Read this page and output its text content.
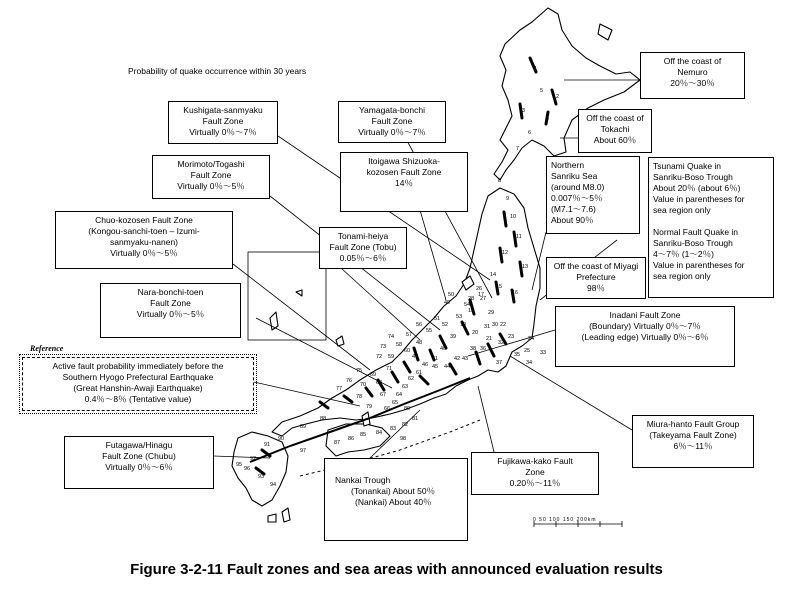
1
2
3
4
5
6
7
8
9
10
11
12
13
14
15
16
17
18
19
20
21
22
23	24
25
26
27
28
29
30
31
32
33
34
35
36
37
38
39
40
41	42 43
44
45
46
47
48
49
50
51
52
53
54
55
56
57
58
59
60
61
62
63
64
65
66
67
68
69
70
71
72
73
74
75
76
77
78
79	80
81
82
83
84
85
86
87
88
89
90
91
92
93
94
95
96
97
98
Probability of quake occurrence within 30 years
0 50 100 150 200km
Kushigata-sanmyaku
Fault Zone
Virtually 0％～7％
Yamagata-bonchi
Fault Zone
Virtually 0％～7％
Off the coast of
Nemuro
20％～30％
Off the coast of
Tokachi
About 60％
Morimoto/Togashi
Fault Zone
Virtually 0％～5％
Itoigawa Shizuoka-
kozosen Fault Zone
14％
Northern
Sanriku Sea
(around M8.0)
0.007％～5％
(M7.1～7.6)
About 90％
Tsunami Quake in
Sanriku-Boso Trough
About 20％ (about 6％)
Value in parentheses for
sea region only

Normal Fault Quake in
Sanriku-Boso Trough
4～7％ (1～2％)
Value in parentheses for
sea region only
Chuo-kozosen Fault Zone
(Kongou-sanchi-toen – Izumi-
sanmyaku-nanen)
Virtually 0％～5％
Tonami-heiya
Fault Zone (Tobu)
0.05％～6％
Off the coast of Miyagi
Prefecture
98％
Nara-bonchi-toen
Fault Zone
Virtually 0％～5％	Inadani Fault Zone
(Boundary) Virtually 0％～7％
(Leading edge) Virtually 0％～6％
Reference
Active fault probability immediately before the
Southern Hyogo Prefectural Earthquake
(Great Hanshin-Awaji Earthquake)
0.4％～8％ (Tentative value)
Miura-hanto Fault Group
(Takeyama Fault Zone)
6％～11％
Futagawa/Hinagu
Fault Zone (Chubu)
Virtually 0％～6％
Fujikawa-kako Fault
Zone
0.20％～11％
Nankai Trough
(Tonankai) About 50％
(Nankai) About 40％
Figure 3-2-11 Fault zones and sea areas with announced evaluation results
